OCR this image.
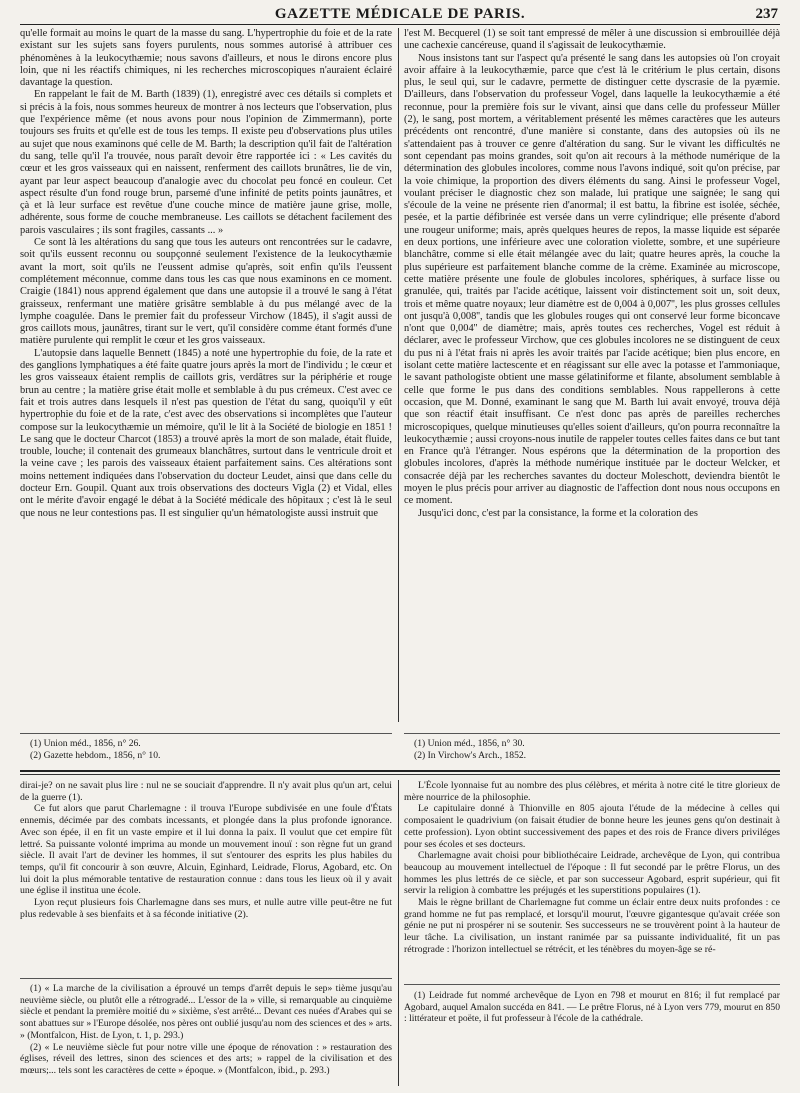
GAZETTE MÉDICALE DE PARIS.	237

qu'elle formait au moins le quart de la masse du sang. L'hypertrophie du foie et de la rate existant sur les sujets sans foyers purulents, nous sommes autorisé à attribuer ces phénomènes à la leukocythæmie; nous savons d'ailleurs, et nous le dirons encore plus loin, que ni les réactifs chimiques, ni les recherches microscopiques n'auraient éclairé davantage la question.

En rappelant le fait de M. Barth (1839) (1), enregistré avec ces détails si complets et si précis à la fois, nous sommes heureux de montrer à nos lecteurs que l'observation, plus que l'expérience même (et nous avons pour nous l'opinion de Zimmermann), porte toujours ses fruits et qu'elle est de tous les temps. Il existe peu d'observations plus utiles au sujet que nous examinons qué celle de M. Barth; la description qu'il fait de l'altération du sang, telle qu'il l'a trouvée, nous paraît devoir être rapportée ici : « Les cavités du cœur et les gros vaisseaux qui en naissent, renferment des caillots brunâtres, lie de vin, ayant par leur aspect beaucoup d'analogie avec du chocolat peu foncé en couleur. Cet aspect résulte d'un fond rouge brun, parsemé d'une infinité de petits points jaunâtres, et çà et là leur surface est revêtue d'une couche mince de matière jaune grise, molle, adhérente, sous forme de couche membraneuse. Les caillots se détachent facilement des parois vasculaires ; ils sont fragiles, cassants ... »

Ce sont là les altérations du sang que tous les auteurs ont rencontrées sur le cadavre, soit qu'ils eussent reconnu ou soupçonné seulement l'existence de la leukocythæmie avant la mort, soit qu'ils ne l'eussent admise qu'après, soit enfin qu'ils l'eussent complétement méconnue, comme dans tous les cas que nous examinons en ce moment. Craigie (1841) nous apprend également que dans une autopsie il a trouvé le sang à l'état graisseux, renfermant une matière grisâtre semblable à du pus mélangé avec de la lymphe coagulée. Dans le premier fait du professeur Virchow (1845), il s'agit aussi de gros caillots mous, jaunâtres, tirant sur le vert, qu'il considère comme étant formés d'une matière purulente qui remplit le cœur et les gros vaisseaux.

L'autopsie dans laquelle Bennett (1845) a noté une hypertrophie du foie, de la rate et des ganglions lymphatiques a été faite quatre jours après la mort de l'individu ; le cœur et les gros vaisseaux étaient remplis de caillots gris, verdâtres sur la périphérie et rouge brun au centre ; la matière grise était molle et semblable à du pus crémeux. C'est avec ce fait et trois autres dans lesquels il n'est pas question de l'état du sang, quoiqu'il y eût hypertrophie du foie et de la rate, c'est avec des observations si incomplètes que l'auteur compose sur la leukocythæmie un mémoire, qu'il le lit à la Société de biologie en 1851 ! Le sang que le docteur Charcot (1853) a trouvé après la mort de son malade, était fluide, trouble, louche; il contenait des grumeaux blanchâtres, surtout dans le ventricule droit et la veine cave ; les parois des vaisseaux étaient parfaitement sains. Ces altérations sont moins nettement indiquées dans l'observation du docteur Leudet, ainsi que dans celle du docteur Ern. Goupil. Quant aux trois observations des docteurs Vigla (2) et Vidal, elles ont le mérite d'avoir engagé le débat à la Société médicale des hôpitaux ; c'est là le seul que nous ne leur contestions pas. Il est singulier qu'un hématologiste aussi instruit que

l'est M. Becquerel (1) se soit tant empressé de mêler à une discussion si embrouillée déjà une cachexie cancéreuse, quand il s'agissait de leukocythæmie.

Nous insistons tant sur l'aspect qu'a présenté le sang dans les autopsies où l'on croyait avoir affaire à la leukocythæmie, parce que c'est là le critérium le plus certain, disons plus, le seul qui, sur le cadavre, permette de distinguer cette dyscrasie de la pyæmie. D'ailleurs, dans l'observation du professeur Vogel, dans laquelle la leukocythæmie a été reconnue, pour la première fois sur le vivant, ainsi que dans celle du professeur Müller (2), le sang, post mortem, a véritablement présenté les mêmes caractères que les auteurs précédents ont rencontré, d'une manière si constante, dans des autopsies où ils ne s'attendaient pas à trouver ce genre d'altération du sang. Sur le vivant les difficultés ne sont cependant pas moins grandes, soit qu'on ait recours à la méthode numérique de la détermination des globules incolores, comme nous l'avons indiqué, soit qu'on précise, par la voie chimique, la proportion des divers éléments du sang. Ainsi le professeur Vogel, voulant préciser le diagnostic chez son malade, lui pratique une saignée; le sang qui s'écoule de la veine ne présente rien d'anormal; il est battu, la fibrine est isolée, séchée, pesée, et la partie défibrinée est versée dans un verre cylindrique; elle présente d'abord une rougeur uniforme; mais, après quelques heures de repos, la masse liquide est séparée en deux portions, une inférieure avec une coloration violette, sombre, et une supérieure blanchâtre, comme si elle était mélangée avec du lait; quatre heures après, la couche la plus supérieure est parfaitement blanche comme de la crème. Examinée au microscope, cette matière présente une foule de globules incolores, sphériques, à surface lisse ou granulée, qui, traités par l'acide acétique, laissent voir distinctement soit un, soit deux, trois et même quatre noyaux; leur diamètre est de 0,004 à 0,007'', les plus grosses cellules ont jusqu'à 0,008'', tandis que les globules rouges qui ont conservé leur forme biconcave n'ont que 0,004'' de diamètre; mais, après toutes ces recherches, Vogel est réduit à déclarer, avec le professeur Virchow, que ces globules incolores ne se distinguent de ceux du pus ni à l'état frais ni après les avoir traités par l'acide acétique; bien plus encore, en isolant cette matière lactescente et en réagissant sur elle avec la potasse et l'ammoniaque, le savant pathologiste obtient une masse gélatiniforme et filante, absolument semblable à celle que forme le pus dans des conditions semblables. Nous rappellerons à cette occasion, que M. Donné, examinant le sang que M. Barth lui avait envoyé, trouva déjà que son réactif était insuffisant. Ce n'est donc pas après de pareilles recherches microscopiques, quelque minutieuses qu'elles soient d'ailleurs, qu'on pourra reconnaître la leukocythæmie ; aussi croyons-nous inutile de rappeler toutes celles faites dans ce but tant en France qu'à l'étranger. Nous espérons que la détermination de la proportion des globules incolores, d'après la méthode numérique instituée par le docteur Welcker, et consacrée déjà par les recherches savantes du docteur Moleschott, deviendra bientôt le moyen le plus précis pour arriver au diagnostic de l'affection dont nous nous occupons en ce moment.

Jusqu'ici donc, c'est par la consistance, la forme et la coloration des

(1) Union méd., 1856, n° 26.

(2) Gazette hebdom., 1856, n° 10.

(1) Union méd., 1856, n° 30.

(2) In Virchow's Arch., 1852.

dirai-je? on ne savait plus lire : nul ne se souciait d'apprendre. Il n'y avait plus qu'un art, celui de la guerre (1).

Ce fut alors que parut Charlemagne : il trouva l'Europe subdivisée en une foule d'États ennemis, décimée par des combats incessants, et plongée dans la plus profonde ignorance. Avec son épée, il en fit un vaste empire et il lui donna la paix. Il voulut que cet empire fût lettré. Sa puissante volonté imprima au monde un mouvement inouï : son règne fut un grand siècle. Il avait l'art de deviner les hommes, il sut s'entourer des esprits les plus habiles du temps, qu'il fit concourir à son œuvre, Alcuin, Eginhard, Leidrade, Florus, Agobard, etc. On lui doit la plus mémorable tentative de restauration connue : dans tous les lieux où il y avait une église il institua une école.

Lyon reçut plusieurs fois Charlemagne dans ses murs, et nulle autre ville peut-être ne fut plus redevable à ses bienfaits et à sa féconde initiative (2).

L'École lyonnaise fut au nombre des plus célèbres, et mérita à notre cité le titre glorieux de mère nourrice de la philosophie.

Le capitulaire donné à Thionville en 805 ajouta l'étude de la médecine à celles qui composaient le quadrivium (on faisait étudier de bonne heure les jeunes gens qu'on destinait à cette profession). Lyon obtint successivement des papes et des rois de France divers priviléges pour ses écoles et ses docteurs.

Charlemagne avait choisi pour bibliothécaire Leidrade, archevêque de Lyon, qui contribua beaucoup au mouvement intellectuel de l'époque : Il fut secondé par le prêtre Florus, un des hommes les plus lettrés de ce siècle, et par son successeur Agobard, esprit supérieur, qui fit servir la religion à combattre les préjugés et les superstitions populaires (1).

Mais le règne brillant de Charlemagne fut comme un éclair entre deux nuits profondes : ce grand homme ne fut pas remplacé, et lorsqu'il mourut, l'œuvre gigantesque qu'avait créée son génie ne put ni prospérer ni se soutenir. Ses successeurs ne se trouvèrent point à la hauteur de leur tâche. La civilisation, un instant ranimée par sa puissante individualité, fit un pas rétrograde : l'horizon intellectuel se rétrécit, et les ténèbres du moyen-âge se ré-

(1) « La marche de la civilisation a éprouvé un temps d'arrêt depuis le sep» tième jusqu'au neuvième siècle, ou plutôt elle a rétrogradé... L'essor de la » ville, si remarquable au cinquième siècle et pendant la première moitié du » sixième, s'est arrêté... Devant ces nuées d'Arabes qui se sont abattues sur » l'Europe désolée, nos pères ont oublié jusqu'au nom des sciences et des » arts. » (Montfalcon, Hist. de Lyon, t. 1, p. 293.)

(2) « Le neuvième siècle fut pour notre ville une époque de rénovation : » restauration des églises, réveil des lettres, sinon des sciences et des arts; » rappel de la civilisation et des mœurs;... tels sont les caractères de cette » époque. » (Montfalcon, ibid., p. 293.)

(1) Leidrade fut nommé archevêque de Lyon en 798 et mourut en 816; il fut remplacé par Agobard, auquel Amalon succéda en 841. — Le prêtre Florus, né à Lyon vers 779, mourut en 850 : littérateur et poëte, il fut professeur à l'école de la cathédrale.
